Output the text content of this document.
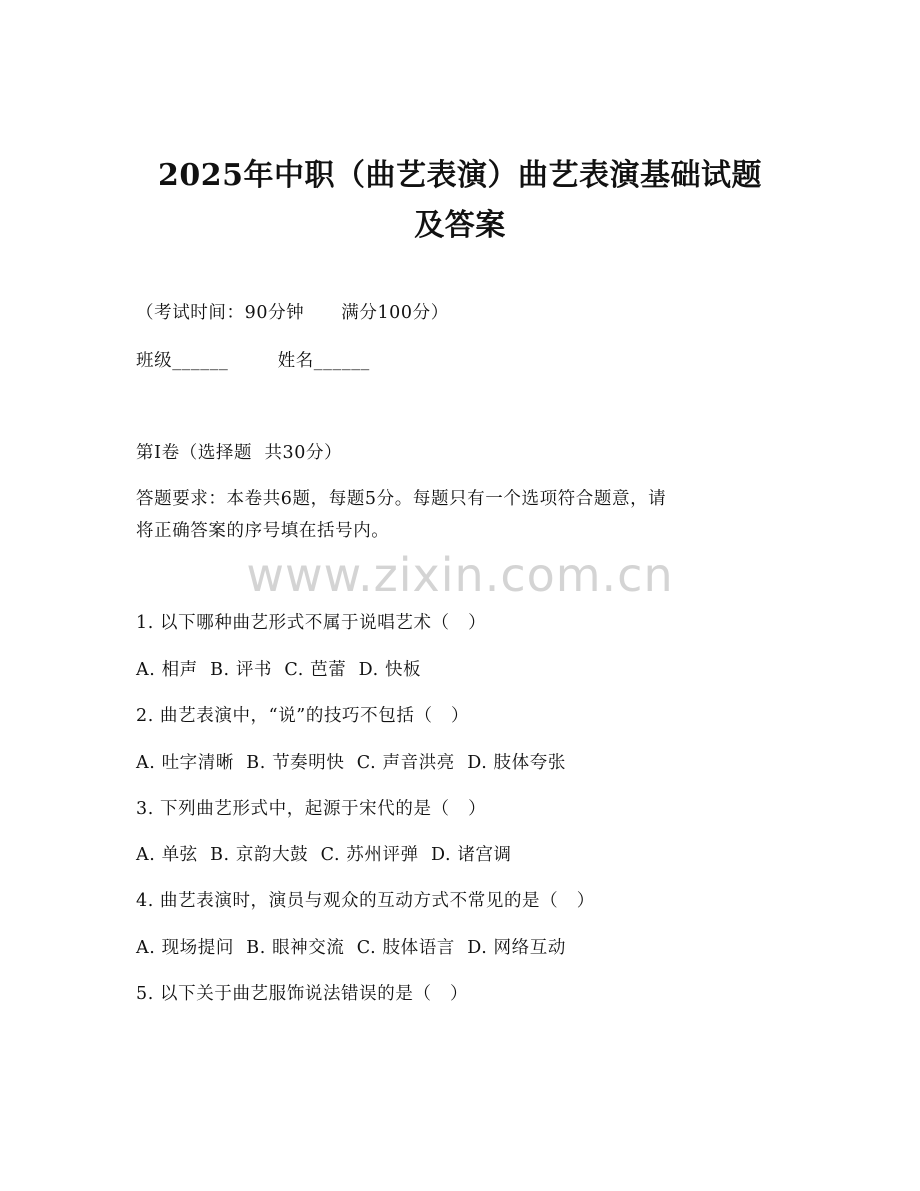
2025年中职（曲艺表演）曲艺表演基础试题
及答案
（考试时间：90分钟      满分100分）
班级______        姓名______
第I卷（选择题  共30分）
答题要求：本卷共6题，每题5分。每题只有一个选项符合题意，请
将正确答案的序号填在括号内。
www.zixin.com.cn
1. 以下哪种曲艺形式不属于说唱艺术（   ）
A. 相声  B. 评书  C. 芭蕾  D. 快板
2. 曲艺表演中，“说”的技巧不包括（   ）
A. 吐字清晰  B. 节奏明快  C. 声音洪亮  D. 肢体夸张
3. 下列曲艺形式中，起源于宋代的是（   ）
A. 单弦  B. 京韵大鼓  C. 苏州评弹  D. 诸宫调
4. 曲艺表演时，演员与观众的互动方式不常见的是（   ）
A. 现场提问  B. 眼神交流  C. 肢体语言  D. 网络互动
5. 以下关于曲艺服饰说法错误的是（   ）
